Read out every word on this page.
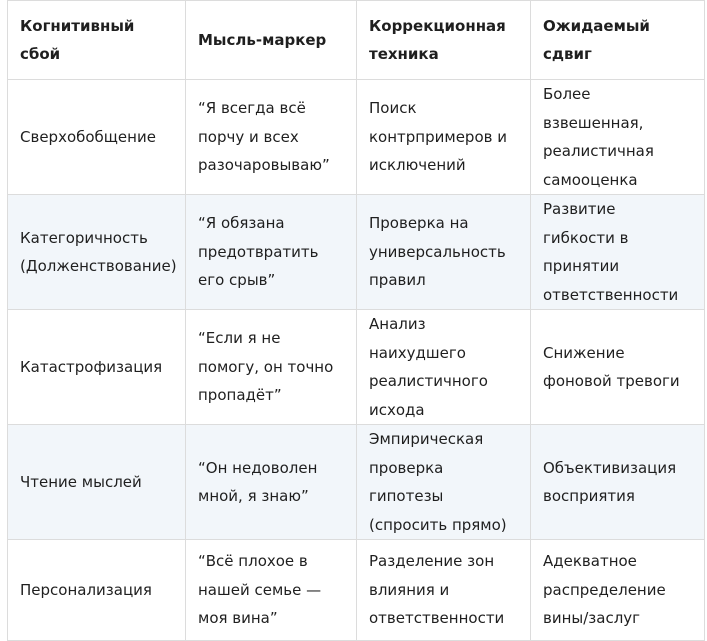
Когнитивный сбой	Мысль-маркер	Коррекционная техника	Ожидаемый сдвиг
Сверхобобщение	“Я всегда всё порчу и всех разочаровываю”	Поиск контрпримеров и исключений	Более взвешенная, реалистичная самооценка
Категоричность (Долженствование)	“Я обязана предотвратить его срыв”	Проверка на универсальность правил	Развитие гибкости в принятии ответственности
Катастрофизация	“Если я не помогу, он точно пропадёт”	Анализ наихудшего реалистичного исхода	Снижение фоновой тревоги
Чтение мыслей	“Он недоволен мной, я знаю”	Эмпирическая проверка гипотезы (спросить прямо)	Объективизация восприятия
Персонализация	“Всё плохое в нашей семье — моя вина”	Разделение зон влияния и ответственности	Адекватное распределение вины/заслуг
